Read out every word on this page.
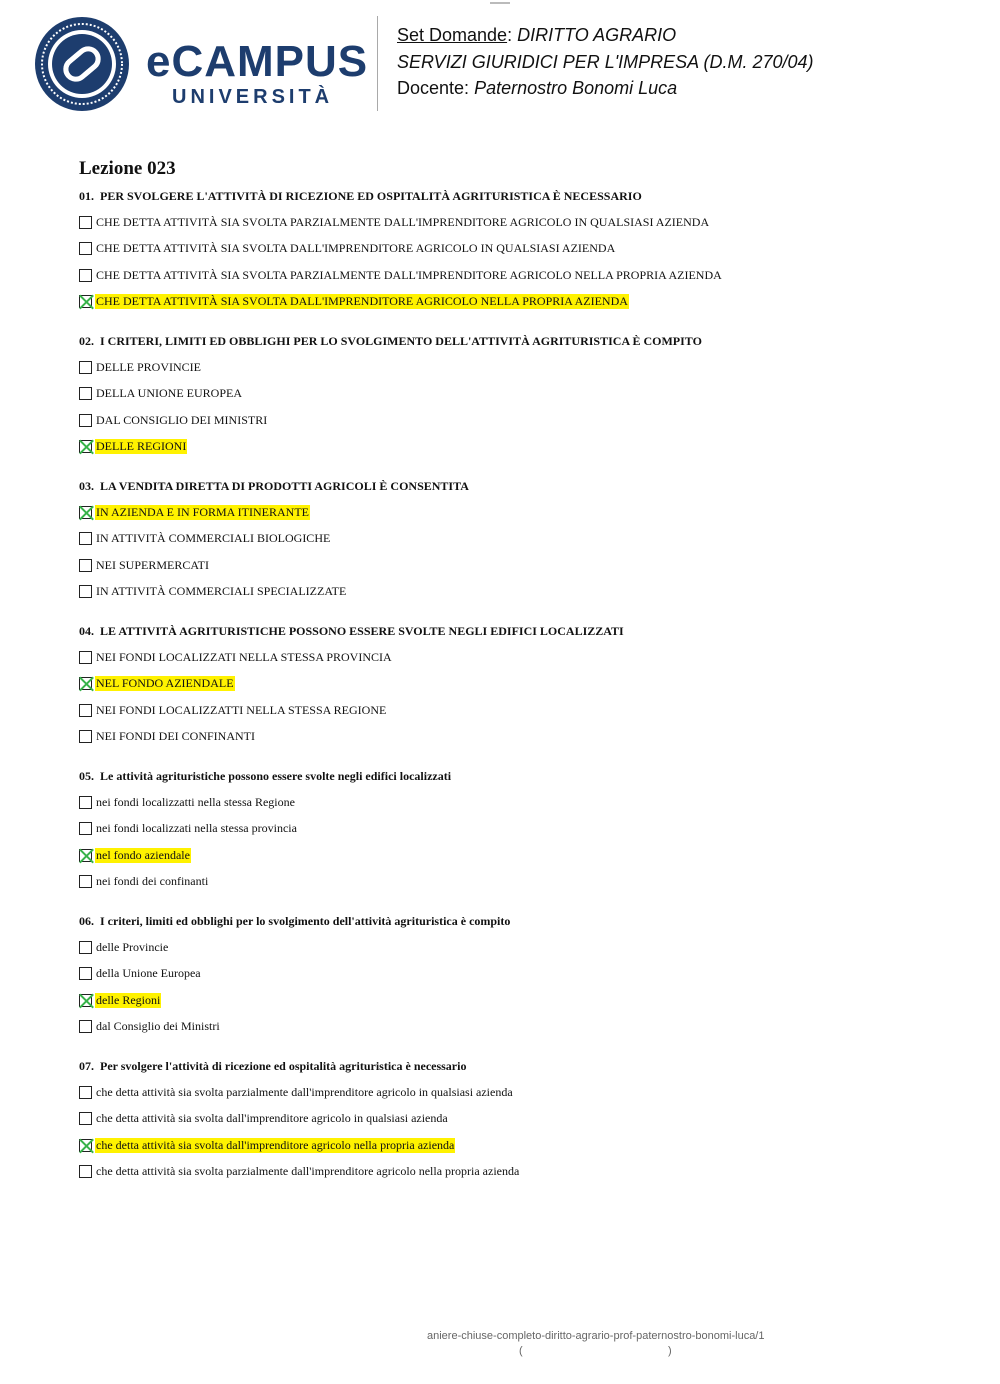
eCAMPUS
UNIVERSITÀ
Set Domande: DIRITTO AGRARIO
SERVIZI GIURIDICI PER L'IMPRESA (D.M. 270/04)
Docente: Paternostro Bonomi Luca
Lezione 023
01. PER SVOLGERE L'ATTIVITÀ DI RICEZIONE ED OSPITALITÀ AGRITURISTICA È NECESSARIO
CHE DETTA ATTIVITÀ SIA SVOLTA PARZIALMENTE DALL'IMPRENDITORE AGRICOLO IN QUALSIASI AZIENDA
CHE DETTA ATTIVITÀ SIA SVOLTA DALL'IMPRENDITORE AGRICOLO IN QUALSIASI AZIENDA
CHE DETTA ATTIVITÀ SIA SVOLTA PARZIALMENTE DALL'IMPRENDITORE AGRICOLO NELLA PROPRIA AZIENDA
CHE DETTA ATTIVITÀ SIA SVOLTA DALL'IMPRENDITORE AGRICOLO NELLA PROPRIA AZIENDA
02. I CRITERI, LIMITI ED OBBLIGHI PER LO SVOLGIMENTO DELL'ATTIVITÀ AGRITURISTICA È COMPITO
DELLE PROVINCIE
DELLA UNIONE EUROPEA
DAL CONSIGLIO DEI MINISTRI
DELLE REGIONI
03. LA VENDITA DIRETTA DI PRODOTTI AGRICOLI È CONSENTITA
IN AZIENDA E IN FORMA ITINERANTE
IN ATTIVITÀ COMMERCIALI BIOLOGICHE
NEI SUPERMERCATI
IN ATTIVITÀ COMMERCIALI SPECIALIZZATE
04. LE ATTIVITÀ AGRITURISTICHE POSSONO ESSERE SVOLTE NEGLI EDIFICI LOCALIZZATI
NEI FONDI LOCALIZZATI NELLA STESSA PROVINCIA
NEL FONDO AZIENDALE
NEI FONDI LOCALIZZATTI NELLA STESSA REGIONE
NEI FONDI DEI CONFINANTI
05. Le attività agrituristiche possono essere svolte negli edifici localizzati
nei fondi localizzatti nella stessa Regione
nei fondi localizzati nella stessa provincia
nel fondo aziendale
nei fondi dei confinanti
06. I criteri, limiti ed obblighi per lo svolgimento dell'attività agrituristica è compito
delle Provincie
della Unione Europea
delle Regioni
dal Consiglio dei Ministri
07. Per svolgere l'attività di ricezione ed ospitalità agrituristica è necessario
che detta attività sia svolta parzialmente dall'imprenditore agricolo in qualsiasi azienda
che detta attività sia svolta dall'imprenditore agricolo in qualsiasi azienda
che detta attività sia svolta dall'imprenditore agricolo nella propria azienda
che detta attività sia svolta parzialmente dall'imprenditore agricolo nella propria azienda
aniere-chiuse-completo-diritto-agrario-prof-paternostro-bonomi-luca/1
(	)
